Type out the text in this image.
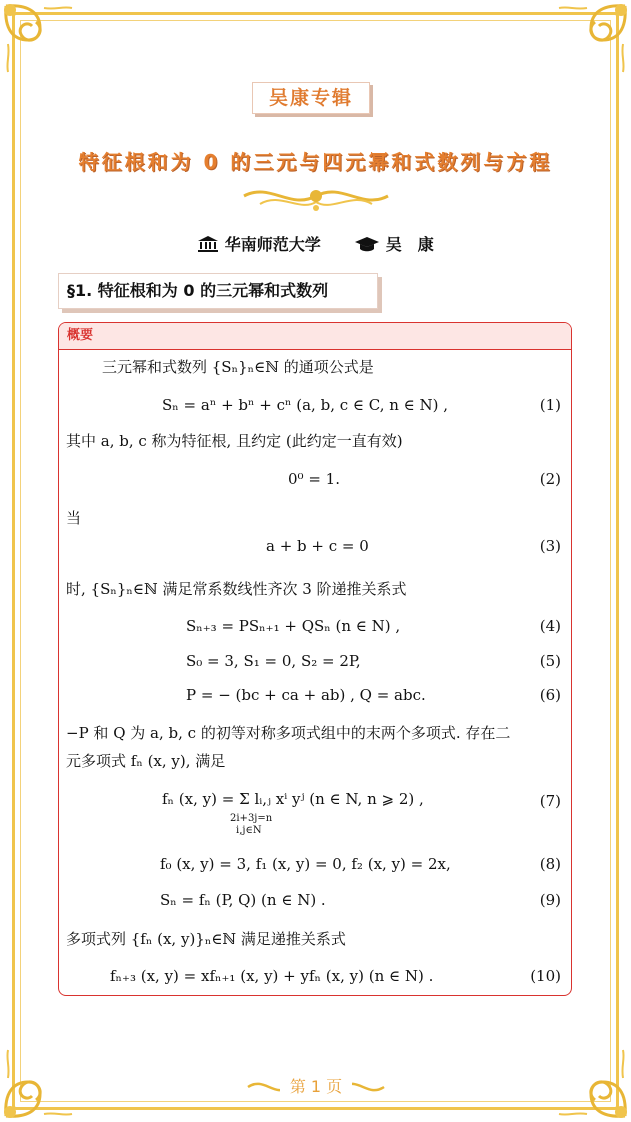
吴康专辑
特征根和为 0 的三元与四元幂和式数列与方程
华南师范大学	吴　康
§1. 特征根和为 0 的三元幂和式数列
概要
三元幂和式数列 {Sₙ}ₙ∈ℕ 的通项公式是
Sₙ = aⁿ + bⁿ + cⁿ (a, b, c ∈ C, n ∈ N) ,	(1)
其中 a, b, c 称为特征根, 且约定 (此约定一直有效)
0⁰ = 1.	(2)
当
a + b + c = 0	(3)
时, {Sₙ}ₙ∈ℕ 满足常系数线性齐次 3 阶递推关系式
Sₙ₊₃ = PSₙ₊₁ + QSₙ (n ∈ N) ,	(4)
S₀ = 3, S₁ = 0, S₂ = 2P,	(5)
P = − (bc + ca + ab) , Q = abc.	(6)
−P 和 Q 为 a, b, c 的初等对称多项式组中的末两个多项式. 存在二
元多项式 fₙ (x, y), 满足
fₙ (x, y) = Σ lᵢ,ⱼ xⁱ yʲ (n ∈ N, n ⩾ 2) ,
2i+3j=n
i,j∈N
(7)
f₀ (x, y) = 3, f₁ (x, y) = 0, f₂ (x, y) = 2x,	(8)
Sₙ = fₙ (P, Q) (n ∈ N) .	(9)
多项式列 {fₙ (x, y)}ₙ∈ℕ 满足递推关系式
fₙ₊₃ (x, y) = xfₙ₊₁ (x, y) + yfₙ (x, y) (n ∈ N) .	(10)
第 1 页
